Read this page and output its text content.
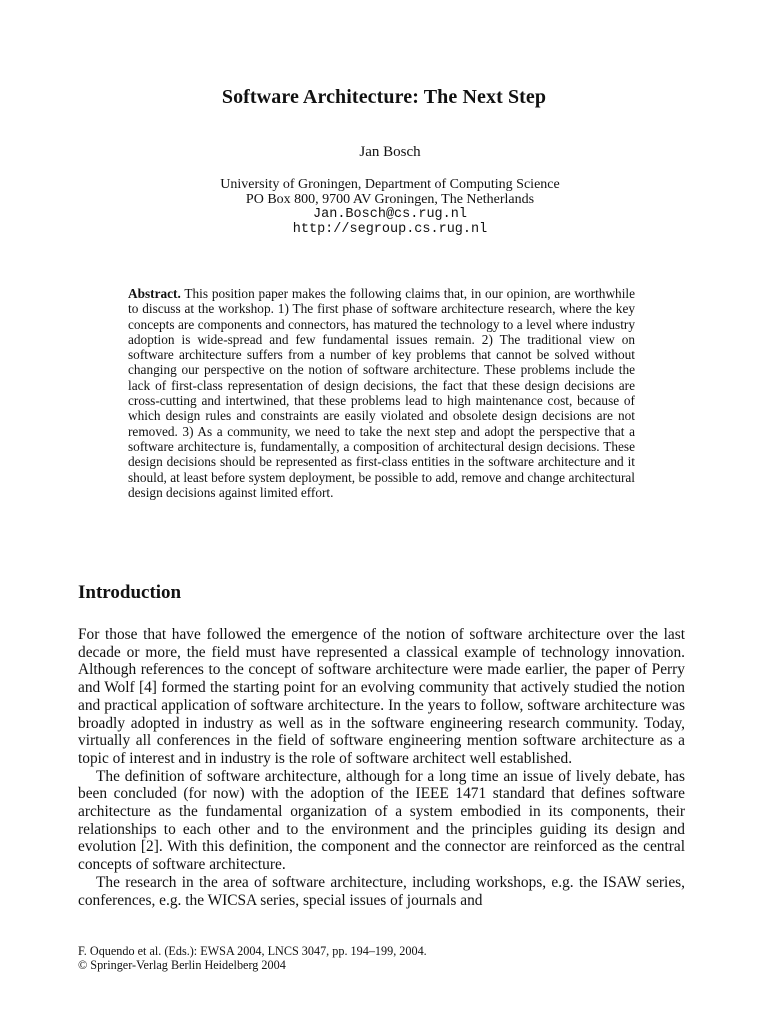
Software Architecture: The Next Step
Jan Bosch
University of Groningen, Department of Computing Science
PO Box 800, 9700 AV Groningen, The Netherlands
Jan.Bosch@cs.rug.nl
http://segroup.cs.rug.nl
Abstract. This position paper makes the following claims that, in our opinion, are worthwhile to discuss at the workshop. 1) The first phase of software architecture research, where the key concepts are components and connectors, has matured the technology to a level where industry adoption is wide-spread and few fundamental issues remain. 2) The traditional view on software architecture suffers from a number of key problems that cannot be solved without changing our perspective on the notion of software architecture. These problems include the lack of first-class representation of design decisions, the fact that these design decisions are cross-cutting and intertwined, that these problems lead to high maintenance cost, because of which design rules and constraints are easily violated and obsolete design decisions are not removed. 3) As a community, we need to take the next step and adopt the perspective that a software architecture is, fundamentally, a composition of architectural design decisions. These design decisions should be represented as first-class entities in the software architecture and it should, at least before system deployment, be possible to add, remove and change architectural design decisions against limited effort.
Introduction

For those that have followed the emergence of the notion of software architecture over the last decade or more, the field must have represented a classical example of technology innovation. Although references to the concept of software architecture were made earlier, the paper of Perry and Wolf [4] formed the starting point for an evolving community that actively studied the notion and practical application of software architecture. In the years to follow, software architecture was broadly adopted in industry as well as in the software engineering research community. Today, virtually all conferences in the field of software engineering mention software architecture as a topic of interest and in industry is the role of software architect well established.

The definition of software architecture, although for a long time an issue of lively debate, has been concluded (for now) with the adoption of the IEEE 1471 standard that defines software architecture as the fundamental organization of a system embodied in its components, their relationships to each other and to the environment and the principles guiding its design and evolution [2]. With this definition, the component and the connector are reinforced as the central concepts of software architecture.

The research in the area of software architecture, including workshops, e.g. the ISAW series, conferences, e.g. the WICSA series, special issues of journals and

F. Oquendo et al. (Eds.): EWSA 2004, LNCS 3047, pp. 194–199, 2004.
© Springer-Verlag Berlin Heidelberg 2004
